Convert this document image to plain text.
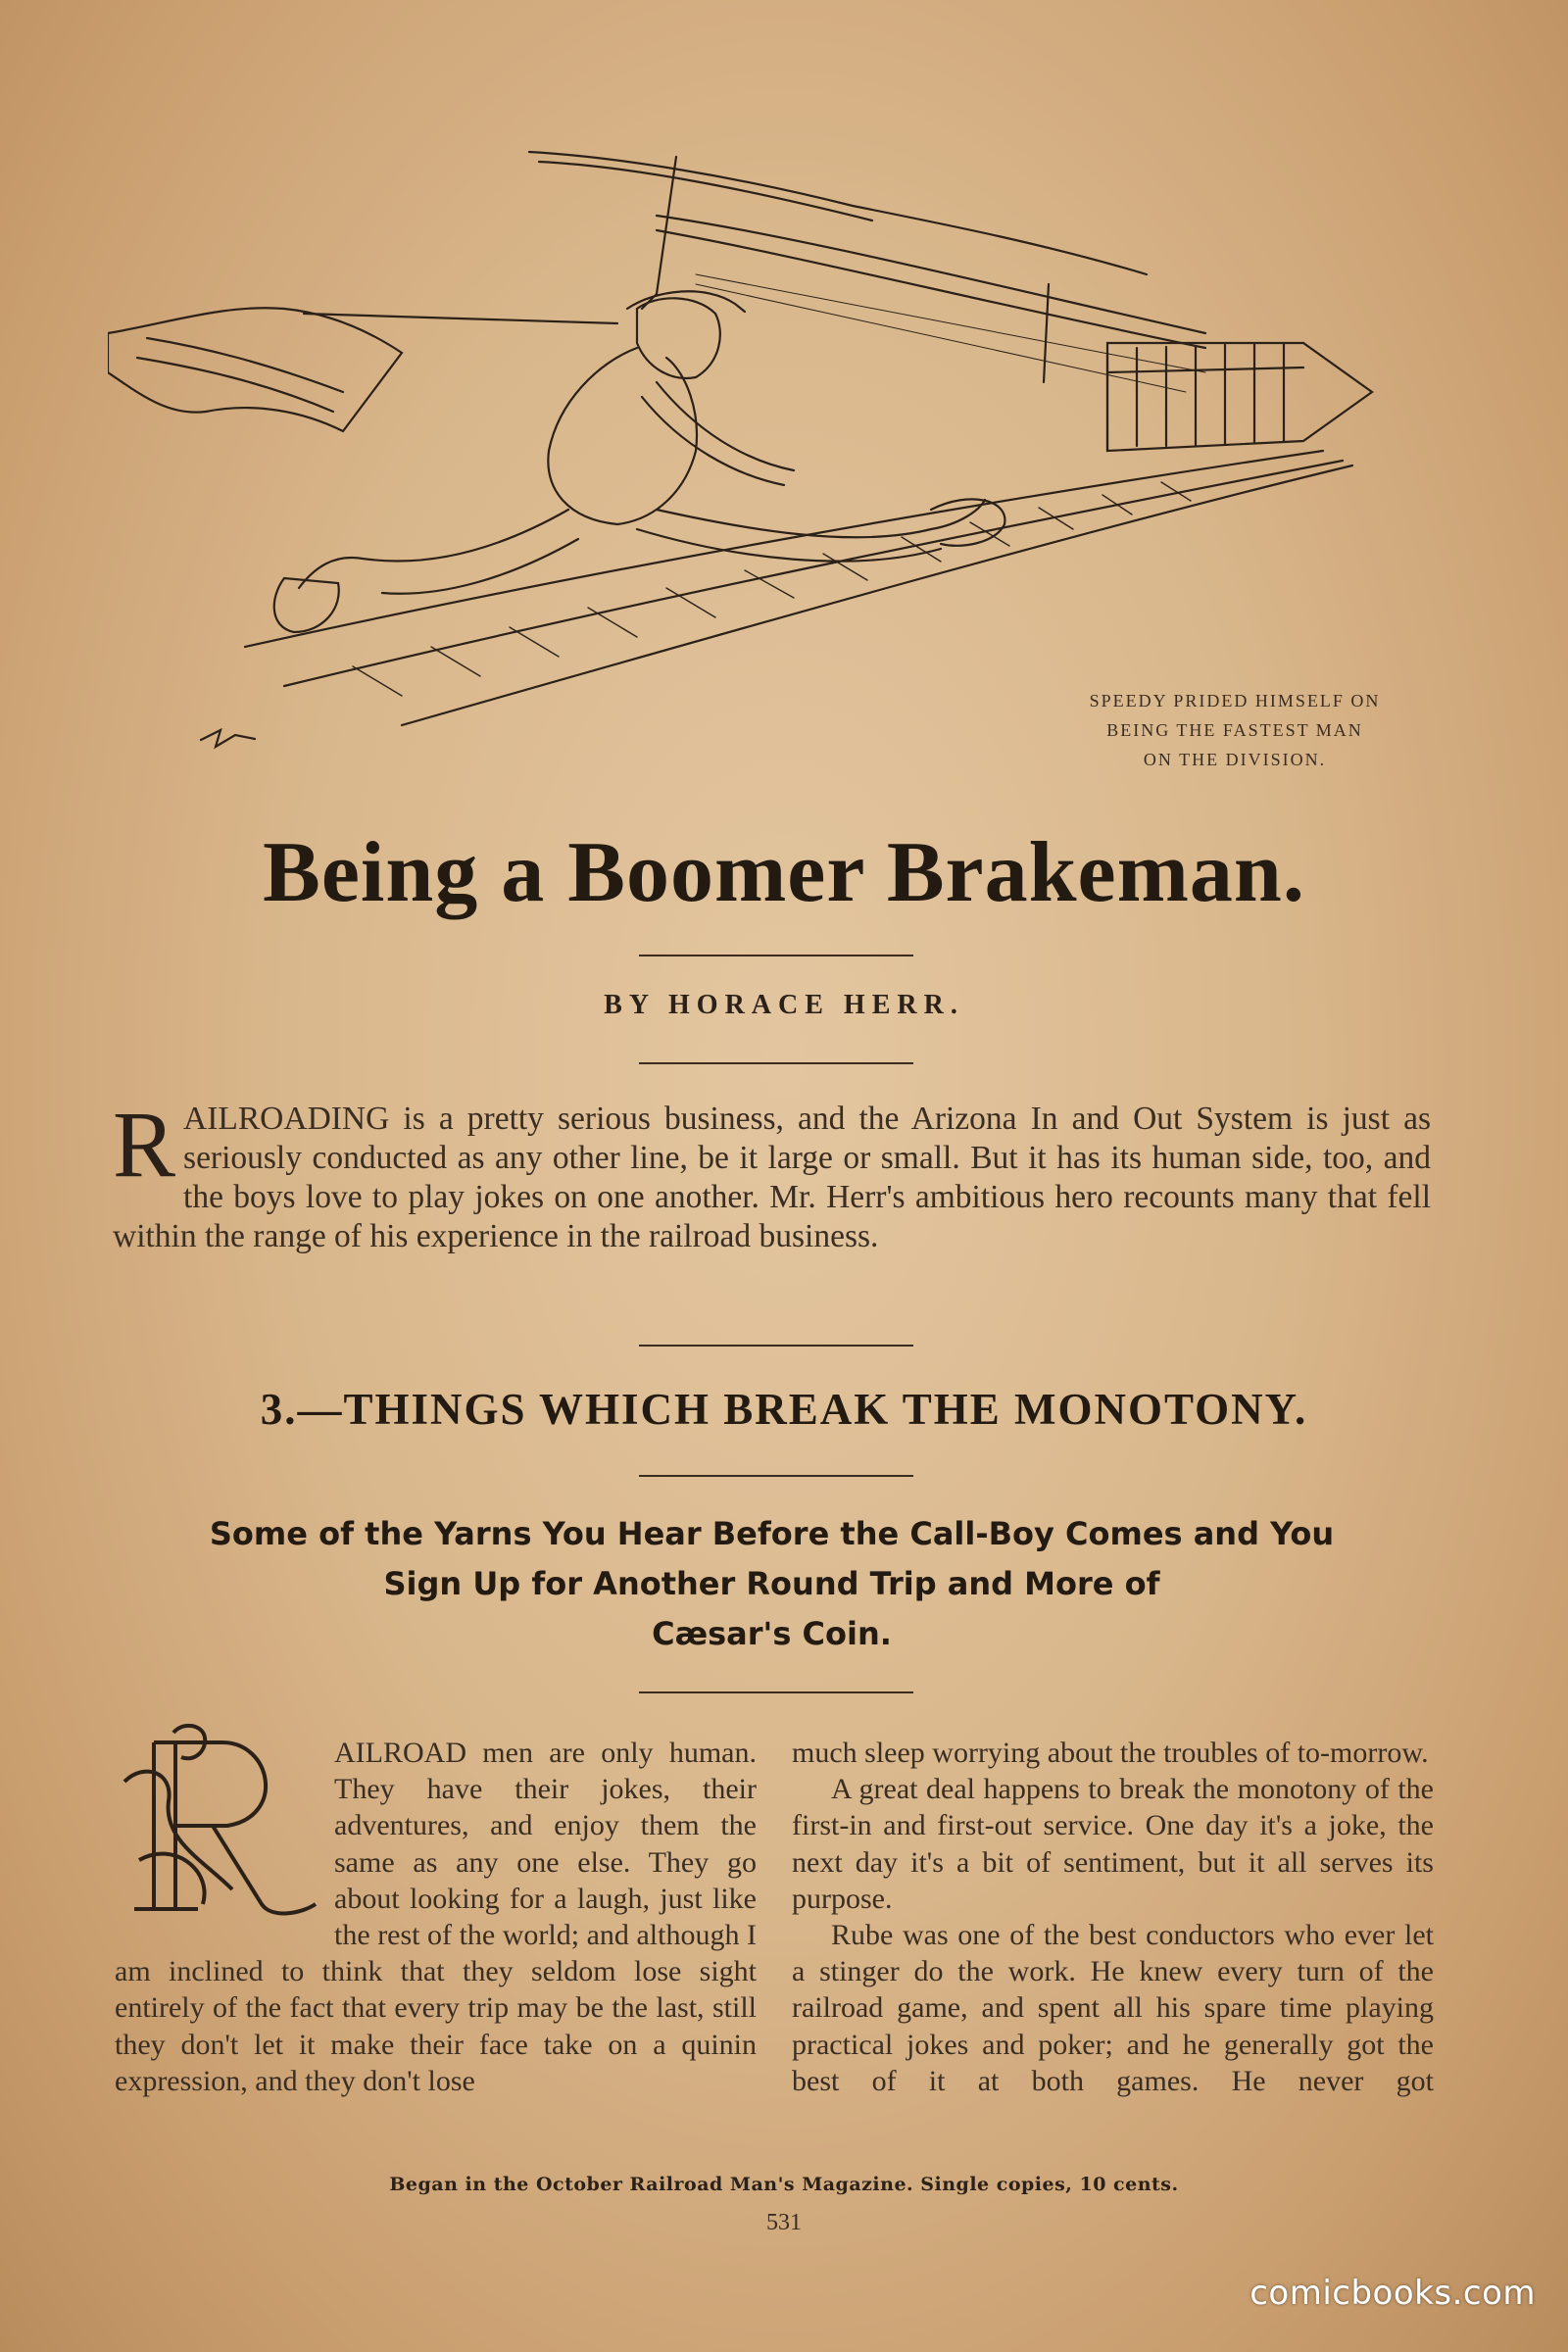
SPEEDY PRIDED HIMSELF ON
BEING THE FASTEST MAN
ON THE DIVISION.
Being a Boomer Brakeman.
BY HORACE HERR.
RAILROADING is a pretty serious business, and the Arizona In and Out System is just as seriously conducted as any other line, be it large or small. But it has its human side, too, and the boys love to play jokes on one another. Mr. Herr's ambitious hero recounts many that fell within the range of his experience in the railroad business.
3.—THINGS WHICH BREAK THE MONOTONY.
Some of the Yarns You Hear Before the Call-Boy Comes and You
Sign Up for Another Round Trip and More of
Cæsar's Coin.

AILROAD men are only human. They have their jokes, their adventures, and enjoy them the same as any one else. They go about looking for a laugh, just like the rest of the world; and although I am inclined to think that they seldom lose sight entirely of the fact that every trip may be the last, still they don't let it make their face take on a quinin expression, and they don't lose

much sleep worrying about the troubles of to-morrow.

A great deal happens to break the monotony of the first-in and first-out service. One day it's a joke, the next day it's a bit of sentiment, but it all serves its purpose.

Rube was one of the best conductors who ever let a stinger do the work. He knew every turn of the railroad game, and spent all his spare time playing practical jokes and poker; and he generally got the best of it at both games. He never got

Began in the October Railroad Man's Magazine. Single copies, 10 cents.
531
comicbooks.com
